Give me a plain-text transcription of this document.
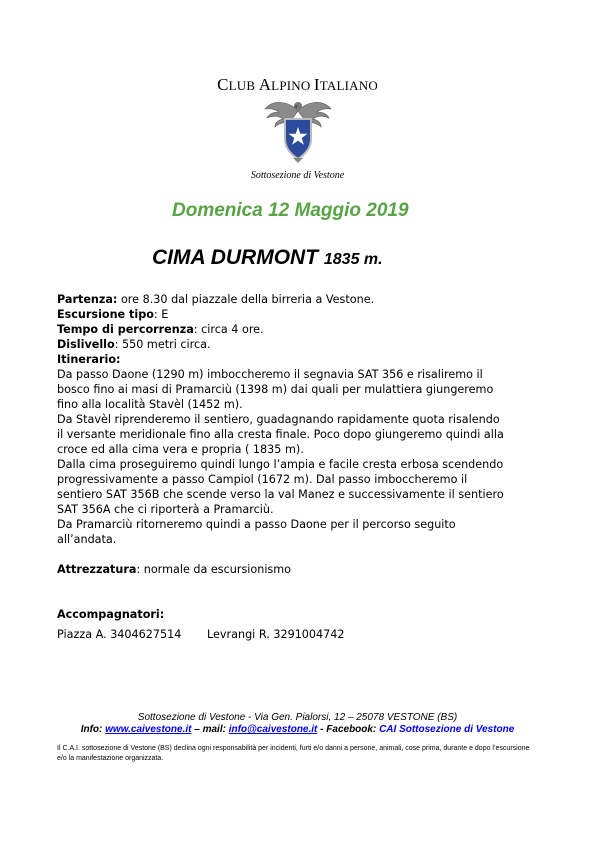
CLUB ALPINO ITALIANO
Sottosezione di Vestone
Domenica 12 Maggio 2019
CIMA DURMONT 1835 m.

Partenza: ore 8.30 dal piazzale della birreria a Vestone.

Escursione tipo: E

Tempo di percorrenza: circa 4 ore.

Dislivello: 550 metri circa.

Itinerario:

Da passo Daone (1290 m) imboccheremo il segnavia SAT 356 e risaliremo il

bosco fino ai masi di Pramarciù (1398 m) dai quali per mulattiera giungeremo

fino alla località Stavèl (1452 m).

Da Stavèl riprenderemo il sentiero, guadagnando rapidamente quota risalendo

il versante meridionale fino alla cresta finale. Poco dopo giungeremo quindi alla

croce ed alla cima vera e propria ( 1835 m).

Dalla cima proseguiremo quindi lungo l’ampia e facile cresta erbosa scendendo

progressivamente a passo Campiol (1672 m). Dal passo imboccheremo il

sentiero SAT 356B che scende verso la val Manez e successivamente il sentiero

SAT 356A che ci riporterà a Pramarciù.

Da Pramarciù ritorneremo quindi a passo Daone per il percorso seguito

all’andata.

Attrezzatura: normale da escursionismo

Accompagnatori:

Piazza A. 3404627514 Levrangi R. 3291004742

Sottosezione di Vestone - Via Gen. Pialorsi, 12 – 25078 VESTONE (BS)
Info: www.caivestone.it – mail: info@caivestone.it - Facebook: CAI Sottosezione di Vestone
Il C.A.I. sottosezione di Vestone (BS) declina ogni responsabilità per incidenti, furti e/o danni a persone, animali, cose prima, durante e dopo l’escursione e/o la manifestazione organizzata.
